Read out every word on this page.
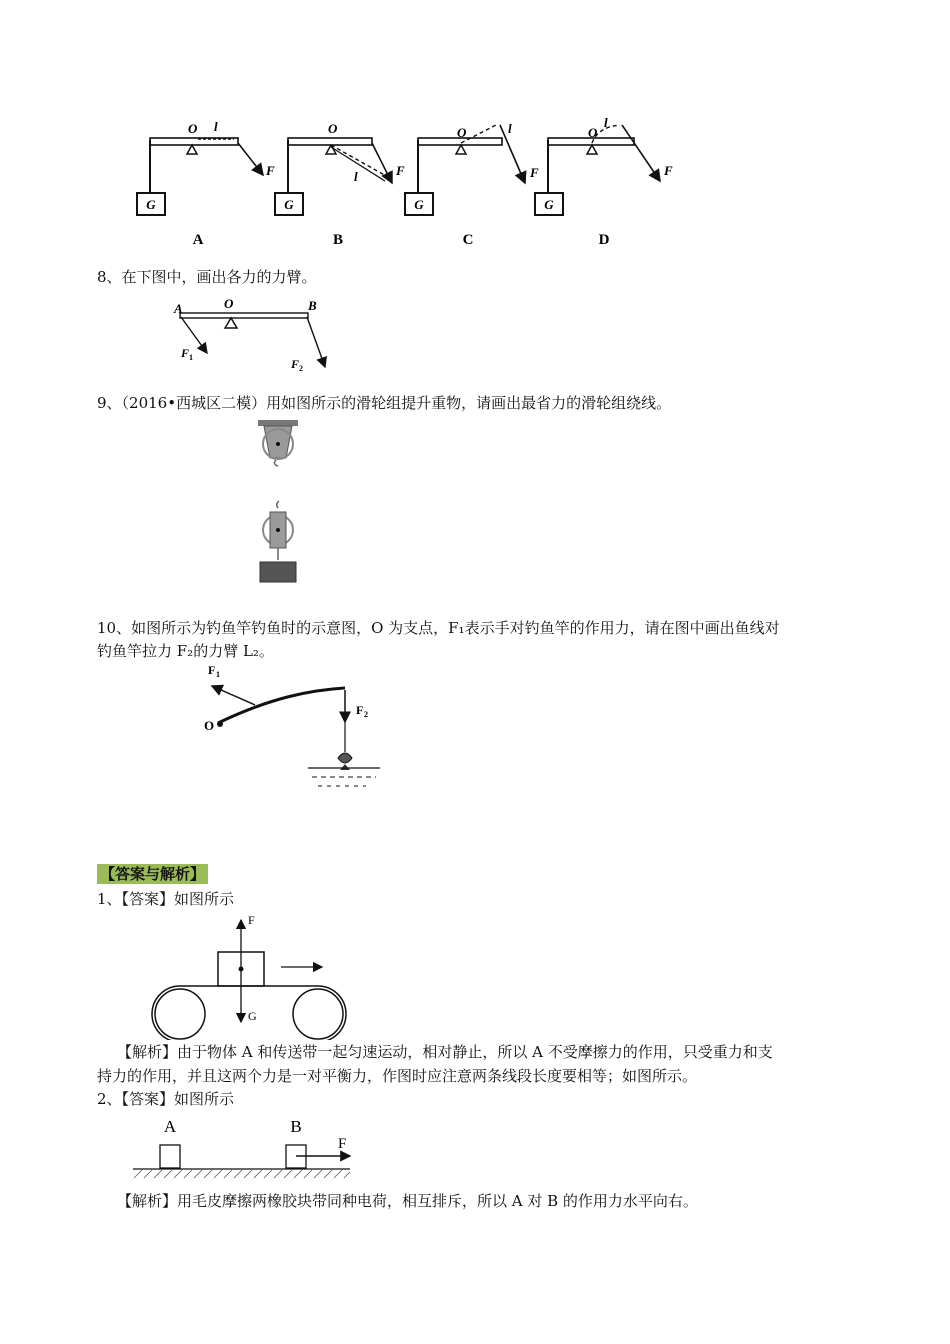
G
O l
F
A
G
O
l	F
B
G
O	l
F
C
G
O
l
F
D
8、在下图中，画出各力的力臂。
A	O	B
F 1	F 2
9、（2016•西城区二模）用如图所示的滑轮组提升重物，请画出最省力的滑轮组绕线。
10、如图所示为钓鱼竿钓鱼时的示意图，O 为支点，F₁表示手对钓鱼竿的作用力，请在图中画出鱼线对
钓鱼竿拉力 F₂的力臂 L₂。
F 1
O
F 2
【答案与解析】
1、【答案】如图所示
F
G
【解析】由于物体 A 和传送带一起匀速运动，相对静止，所以 A 不受摩擦力的作用，只受重力和支
持力的作用，并且这两个力是一对平衡力，作图时应注意两条线段长度要相等；如图所示。
2、【答案】如图所示
A	B
F
【解析】用毛皮摩擦两橡胶块带同种电荷，相互排斥，所以 A 对 B 的作用力水平向右。
